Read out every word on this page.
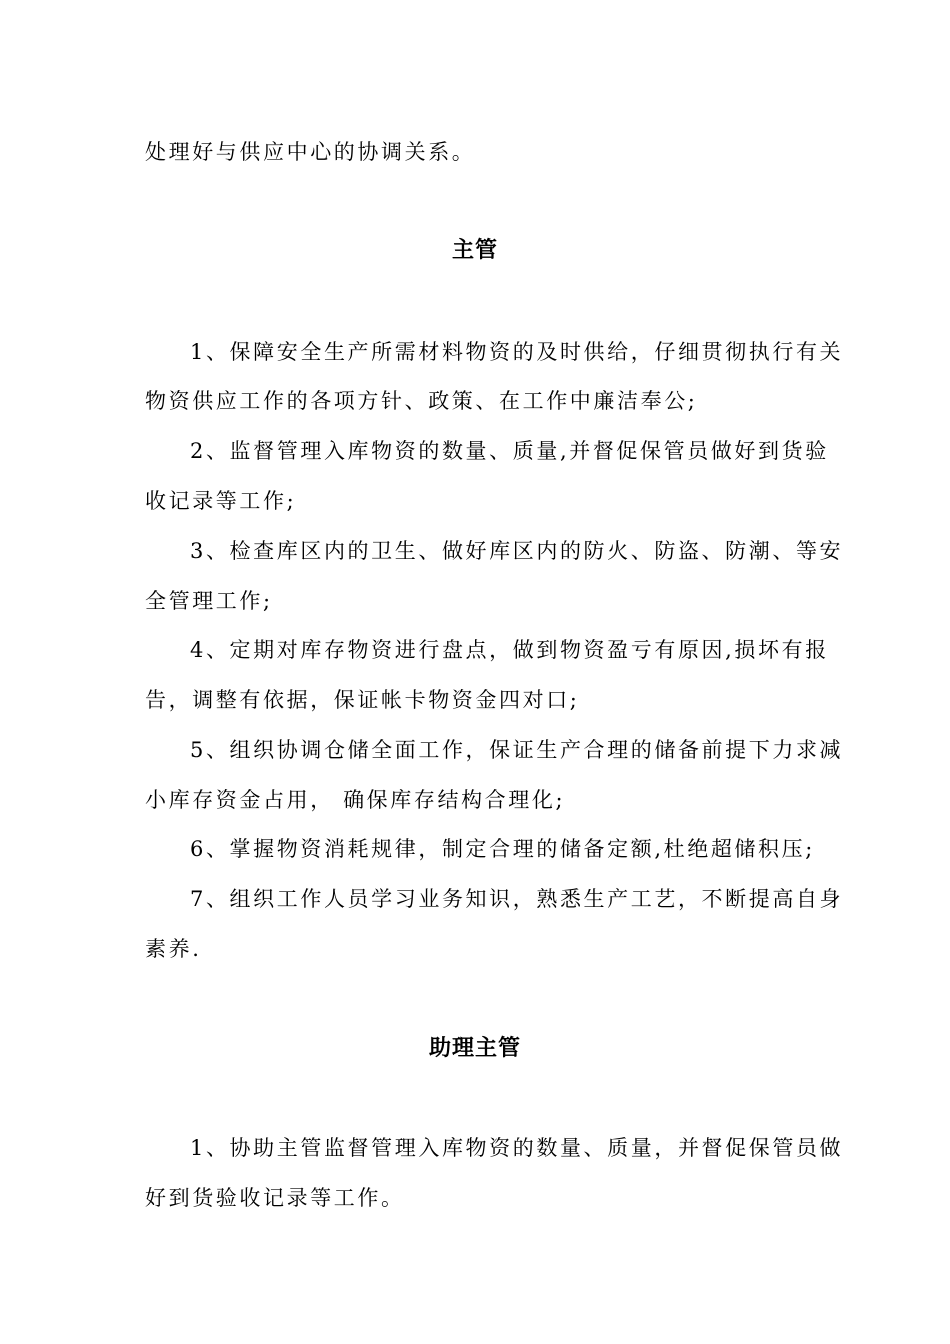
处理好与供应中心的协调关系。
主管
1、保障安全生产所需材料物资的及时供给，仔细贯彻执行有关
物资供应工作的各项方针、政策、在工作中廉洁奉公;
2、监督管理入库物资的数量、质量,并督促保管员做好到货验
收记录等工作;
3、检查库区内的卫生、做好库区内的防火、防盗、防潮、等安
全管理工作;
4、定期对库存物资进行盘点，做到物资盈亏有原因,损坏有报
告，调整有依据，保证帐卡物资金四对口;
5、组织协调仓储全面工作，保证生产合理的储备前提下力求减
小库存资金占用， 确保库存结构合理化;
6、掌握物资消耗规律，制定合理的储备定额,杜绝超储积压;
7、组织工作人员学习业务知识，熟悉生产工艺，不断提高自身
素养.
助理主管
1、协助主管监督管理入库物资的数量、质量，并督促保管员做
好到货验收记录等工作。
